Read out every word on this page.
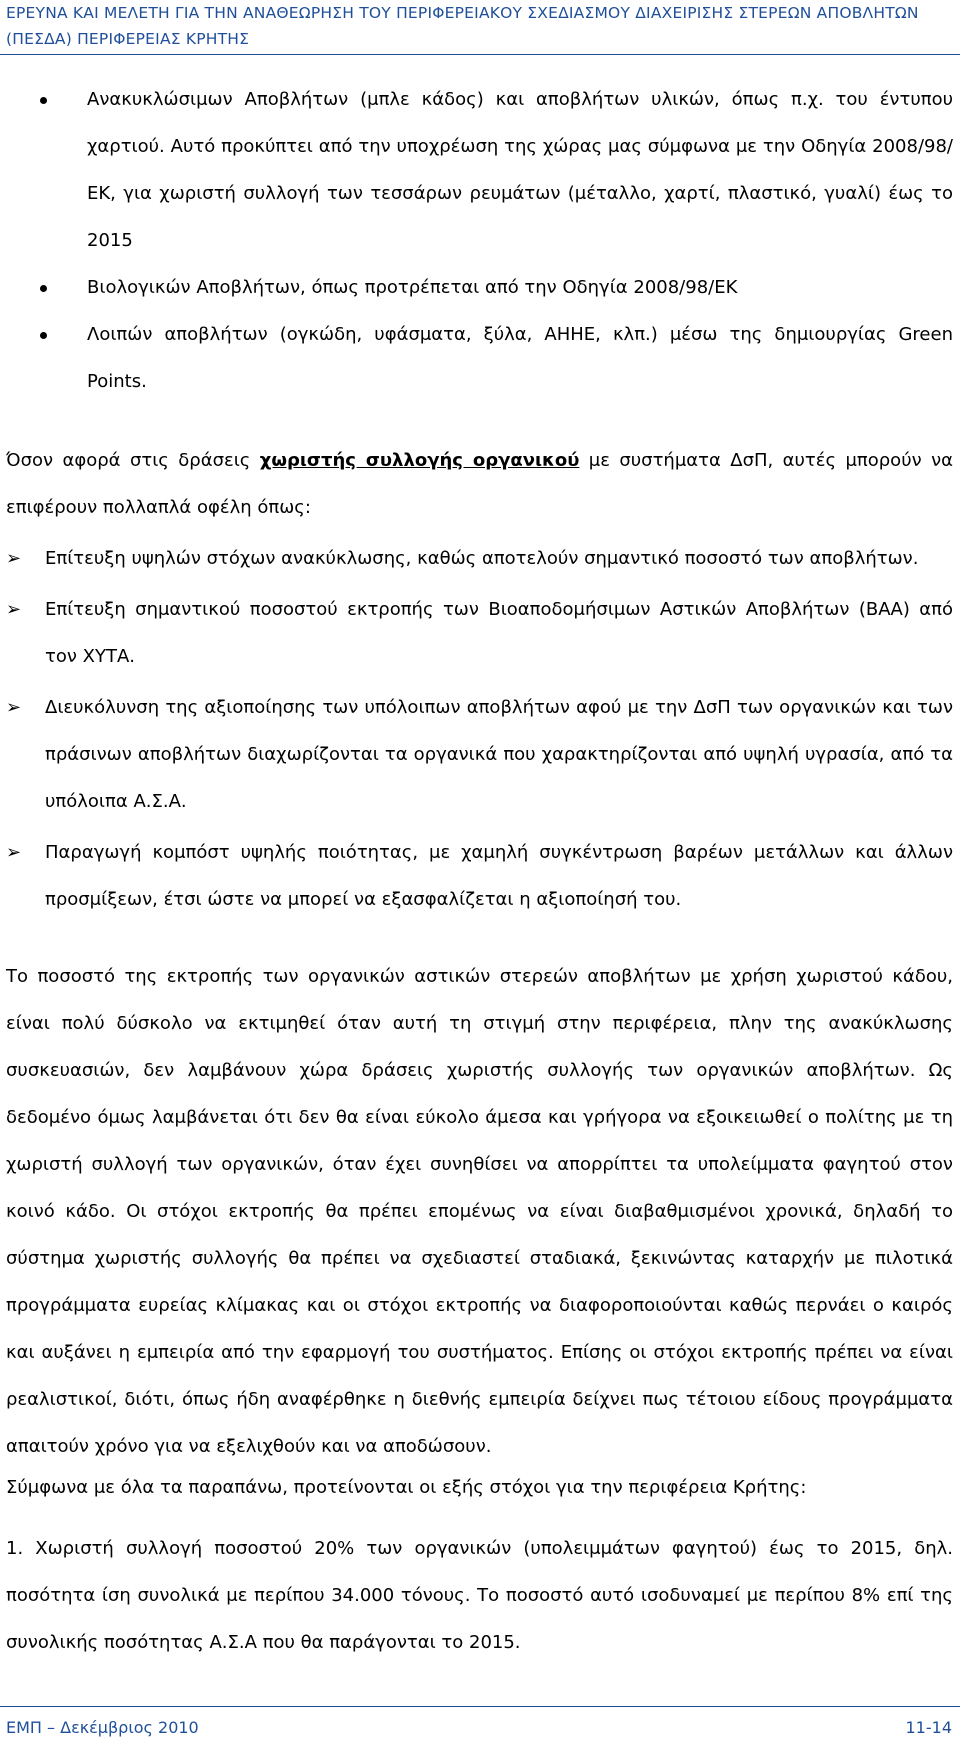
ΕΡΕΥΝΑ ΚΑΙ ΜΕΛΕΤΗ ΓΙΑ ΤΗΝ ΑΝΑΘΕΩΡΗΣΗ ΤΟΥ ΠΕΡΙΦΕΡΕΙΑΚΟΥ ΣΧΕΔΙΑΣΜΟΥ ΔΙΑΧΕΙΡΙΣΗΣ ΣΤΕΡΕΩΝ ΑΠΟΒΛΗΤΩΝ (ΠΕΣΔΑ) ΠΕΡΙΦΕΡΕΙΑΣ ΚΡΗΤΗΣ
Ανακυκλώσιμων Αποβλήτων (μπλε κάδος) και αποβλήτων υλικών, όπως π.χ. του έντυπου χαρτιού. Αυτό προκύπτει από την υποχρέωση της χώρας μας σύμφωνα με την Οδηγία 2008/98/ΕΚ, για χωριστή συλλογή των τεσσάρων ρευμάτων (μέταλλο, χαρτί, πλαστικό, γυαλί) έως το 2015
Βιολογικών Αποβλήτων, όπως προτρέπεται από την Οδηγία 2008/98/ΕΚ
Λοιπών αποβλήτων (ογκώδη, υφάσματα, ξύλα, ΑΗΗΕ, κλπ.) μέσω της δημιουργίας Green Points.
Όσον αφορά στις δράσεις χωριστής συλλογής οργανικού με συστήματα ΔσΠ, αυτές μπορούν να επιφέρουν πολλαπλά οφέλη όπως:
➢ Επίτευξη υψηλών στόχων ανακύκλωσης, καθώς αποτελούν σημαντικό ποσοστό των αποβλήτων.
➢ Επίτευξη σημαντικού ποσοστού εκτροπής των Βιοαποδομήσιμων Αστικών Αποβλήτων (ΒΑΑ) από τον ΧΥΤΑ.
➢ Διευκόλυνση της αξιοποίησης των υπόλοιπων αποβλήτων αφού με την ΔσΠ των οργανικών και των πράσινων αποβλήτων διαχωρίζονται τα οργανικά που χαρακτηρίζονται από υψηλή υγρασία, από τα υπόλοιπα Α.Σ.Α.
➢ Παραγωγή κομπόστ υψηλής ποιότητας, με χαμηλή συγκέντρωση βαρέων μετάλλων και άλλων προσμίξεων, έτσι ώστε να μπορεί να εξασφαλίζεται η αξιοποίησή του.
Το ποσοστό της εκτροπής των οργανικών αστικών στερεών αποβλήτων με χρήση χωριστού κάδου, είναι πολύ δύσκολο να εκτιμηθεί όταν αυτή τη στιγμή στην περιφέρεια, πλην της ανακύκλωσης συσκευασιών, δεν λαμβάνουν χώρα δράσεις χωριστής συλλογής των οργανικών αποβλήτων. Ως δεδομένο όμως λαμβάνεται ότι δεν θα είναι εύκολο άμεσα και γρήγορα να εξοικειωθεί ο πολίτης με τη χωριστή συλλογή των οργανικών, όταν έχει συνηθίσει να απορρίπτει τα υπολείμματα φαγητού στον κοινό κάδο. Οι στόχοι εκτροπής θα πρέπει επομένως να είναι διαβαθμισμένοι χρονικά, δηλαδή το σύστημα χωριστής συλλογής θα πρέπει να σχεδιαστεί σταδιακά, ξεκινώντας καταρχήν με πιλοτικά προγράμματα ευρείας κλίμακας και οι στόχοι εκτροπής να διαφοροποιούνται καθώς περνάει ο καιρός και αυξάνει η εμπειρία από την εφαρμογή του συστήματος. Επίσης οι στόχοι εκτροπής πρέπει να είναι ρεαλιστικοί, διότι, όπως ήδη αναφέρθηκε η διεθνής εμπειρία δείχνει πως τέτοιου είδους προγράμματα απαιτούν χρόνο για να εξελιχθούν και να αποδώσουν.
Σύμφωνα με όλα τα παραπάνω, προτείνονται οι εξής στόχοι για την περιφέρεια Κρήτης:
1. Χωριστή συλλογή ποσοστού 20% των οργανικών (υπολειμμάτων φαγητού) έως το 2015, δηλ. ποσότητα ίση συνολικά με περίπου 34.000 τόνους. Το ποσοστό αυτό ισοδυναμεί με περίπου 8% επί της συνολικής ποσότητας Α.Σ.Α που θα παράγονται το 2015.
ΕΜΠ – Δεκέμβριος 2010	11-14
